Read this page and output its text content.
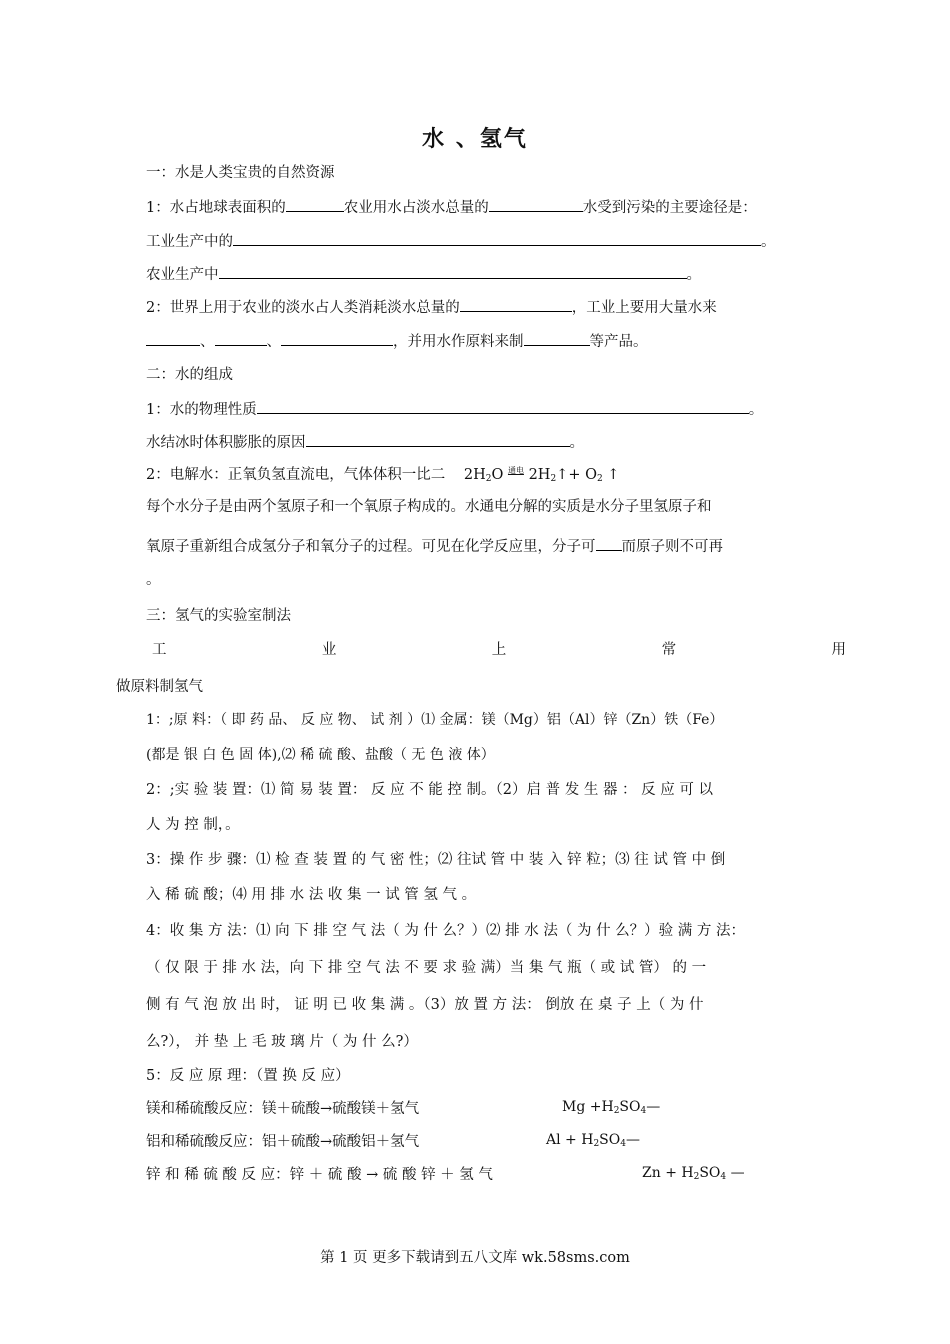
水 、氢气
一：水是人类宝贵的自然资源
1：水占地球表面积的	农业用水占淡水总量的	水受到污染的主要途径是：
工业生产中的	。
农业生产中	。
2：世界上用于农业的淡水占人类消耗淡水总量的	，工业上要用大量水来
、	、	，并用水作原料来制	等产品。
二：水的组成
1：水的物理性质	。
水结冰时体积膨胀的原因	。
2：电解水：正氧负氢直流电，气体体积一比二 $2H_2O$ $^{通电}$ $2H_2↑+ O_2$ ↑
每个水分子是由两个氢原子和一个氧原子构成的。水通电分解的实质是水分子里氢原子和
氧原子重新组合成氢分子和氧分子的过程。可见在化学反应里，分子可 而原子则不可再
。
三：氢气的实验室制法
工	业	上	常	用
做原料制氢气
1：;原 料：（ 即 药 品、 反 应 物、 试 剂 ）⑴ 金属：镁（Mg）铝（Al）锌（Zn）铁（Fe）
(都是 银 白 色 固 体),⑵ 稀 硫 酸、盐酸（ 无 色 液 体）
2：;实 验 装 置：⑴ 简 易 装 置： 反 应 不 能 控 制。（2）启 普 发 生 器 ： 反 应 可 以
人 为 控 制，。
3：操 作 步 骤：⑴ 检 查 装 置 的 气 密 性；⑵ 往试 管 中 装 入 锌 粒；⑶ 往 试 管 中 倒
入 稀 硫 酸；⑷ 用 排 水 法 收 集 一 试 管 氢 气 。
4：收 集 方 法：⑴ 向 下 排 空 气 法（ 为 什 么？）⑵ 排 水 法（ 为 什 么？）验 满 方 法：
（ 仅 限 于 排 水 法，向 下 排 空 气 法 不 要 求 验 满）当 集 气 瓶（ 或 试 管） 的 一
侧 有 气 泡 放 出 时， 证 明 已 收 集 满 。（3）放 置 方 法： 倒放 在 桌 子 上（ 为 什
么?）， 并 垫 上 毛 玻 璃 片（ 为 什 么?）
5：反 应 原 理：（置 换 反 应）
镁和稀硫酸反应：镁＋硫酸→硫酸镁＋氢气	$Mg +H_2SO_4—$
铝和稀硫酸反应：铝＋硫酸→硫酸铝＋氢气	$Al + H_2SO_4—$
锌 和 稀 硫 酸 反 应：锌 ＋ 硫 酸 → 硫 酸 锌 ＋ 氢 气	$Zn + H_2SO_4$ —
第 1 页 更多下载请到五八文库 wk.58sms.com
